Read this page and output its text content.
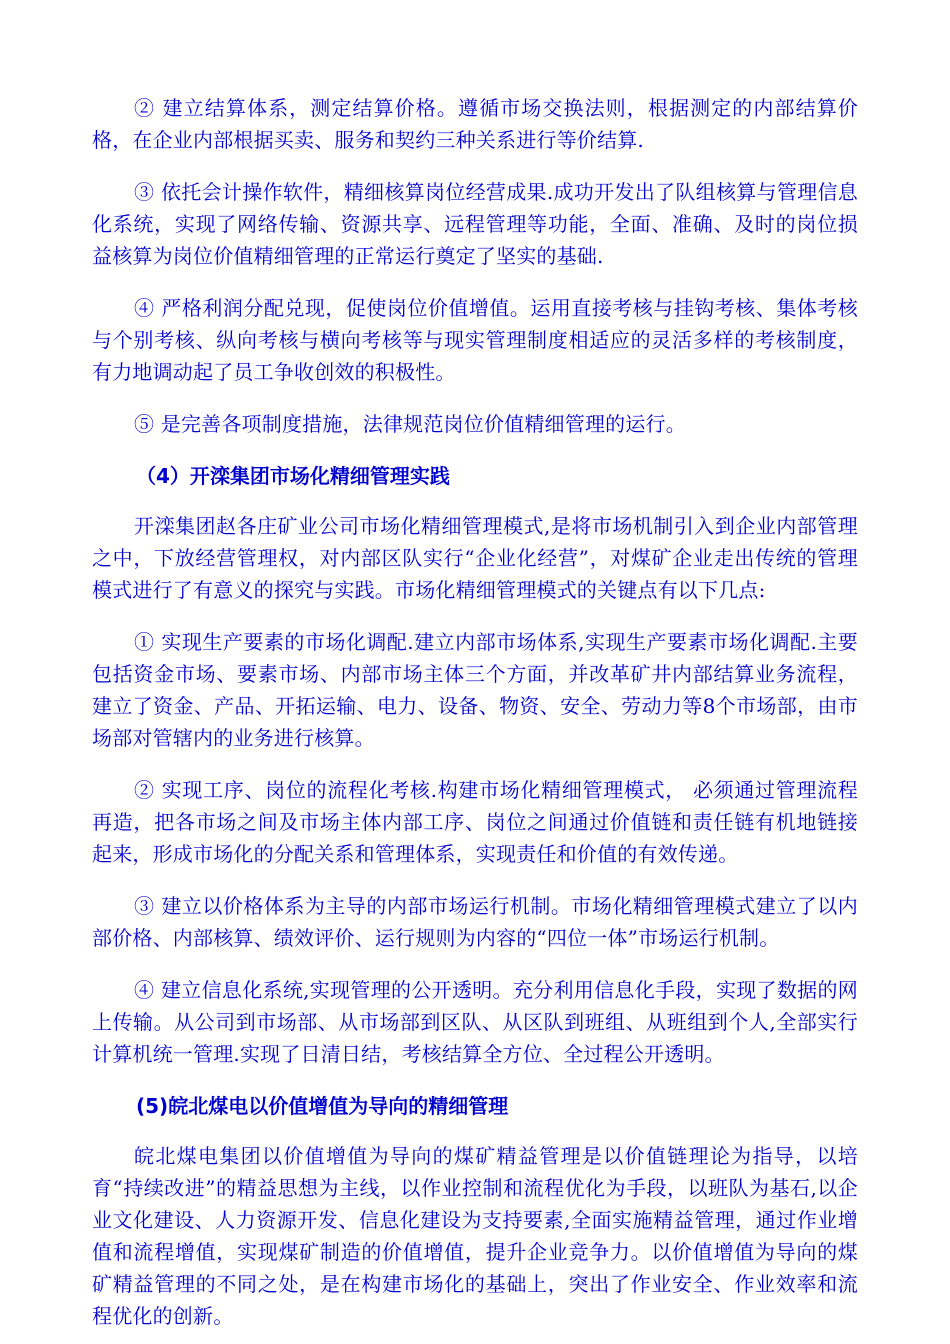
② 建立结算体系，测定结算价格。遵循市场交换法则，根据测定的内部结算价格，在企业内部根据买卖、服务和契约三种关系进行等价结算.

③ 依托会计操作软件，精细核算岗位经营成果.成功开发出了队组核算与管理信息化系统，实现了网络传输、资源共享、远程管理等功能，全面、准确、及时的岗位损益核算为岗位价值精细管理的正常运行奠定了坚实的基础.

④ 严格利润分配兑现，促使岗位价值增值。运用直接考核与挂钩考核、集体考核与个别考核、纵向考核与横向考核等与现实管理制度相适应的灵活多样的考核制度，有力地调动起了员工争收创效的积极性。

⑤ 是完善各项制度措施，法律规范岗位价值精细管理的运行。

（4）开滦集团市场化精细管理实践

开滦集团赵各庄矿业公司市场化精细管理模式,是将市场机制引入到企业内部管理之中，下放经营管理权，对内部区队实行“企业化经营”，对煤矿企业走出传统的管理模式进行了有意义的探究与实践。市场化精细管理模式的关键点有以下几点:

① 实现生产要素的市场化调配.建立内部市场体系,实现生产要素市场化调配.主要包括资金市场、要素市场、内部市场主体三个方面，并改革矿井内部结算业务流程，建立了资金、产品、开拓运输、电力、设备、物资、安全、劳动力等8个市场部，由市场部对管辖内的业务进行核算。

② 实现工序、岗位的流程化考核.构建市场化精细管理模式， 必须通过管理流程再造，把各市场之间及市场主体内部工序、岗位之间通过价值链和责任链有机地链接起来，形成市场化的分配关系和管理体系，实现责任和价值的有效传递。

③ 建立以价格体系为主导的内部市场运行机制。市场化精细管理模式建立了以内部价格、内部核算、绩效评价、运行规则为内容的“四位一体”市场运行机制。

④ 建立信息化系统,实现管理的公开透明。充分利用信息化手段，实现了数据的网上传输。从公司到市场部、从市场部到区队、从区队到班组、从班组到个人,全部实行计算机统一管理.实现了日清日结，考核结算全方位、全过程公开透明。

(5)皖北煤电以价值增值为导向的精细管理

皖北煤电集团以价值增值为导向的煤矿精益管理是以价值链理论为指导，以培育“持续改进”的精益思想为主线，以作业控制和流程优化为手段，以班队为基石,以企业文化建设、人力资源开发、信息化建设为支持要素,全面实施精益管理，通过作业增值和流程增值，实现煤矿制造的价值增值，提升企业竞争力。以价值增值为导向的煤矿精益管理的不同之处，是在构建市场化的基础上，突出了作业安全、作业效率和流程优化的创新。
